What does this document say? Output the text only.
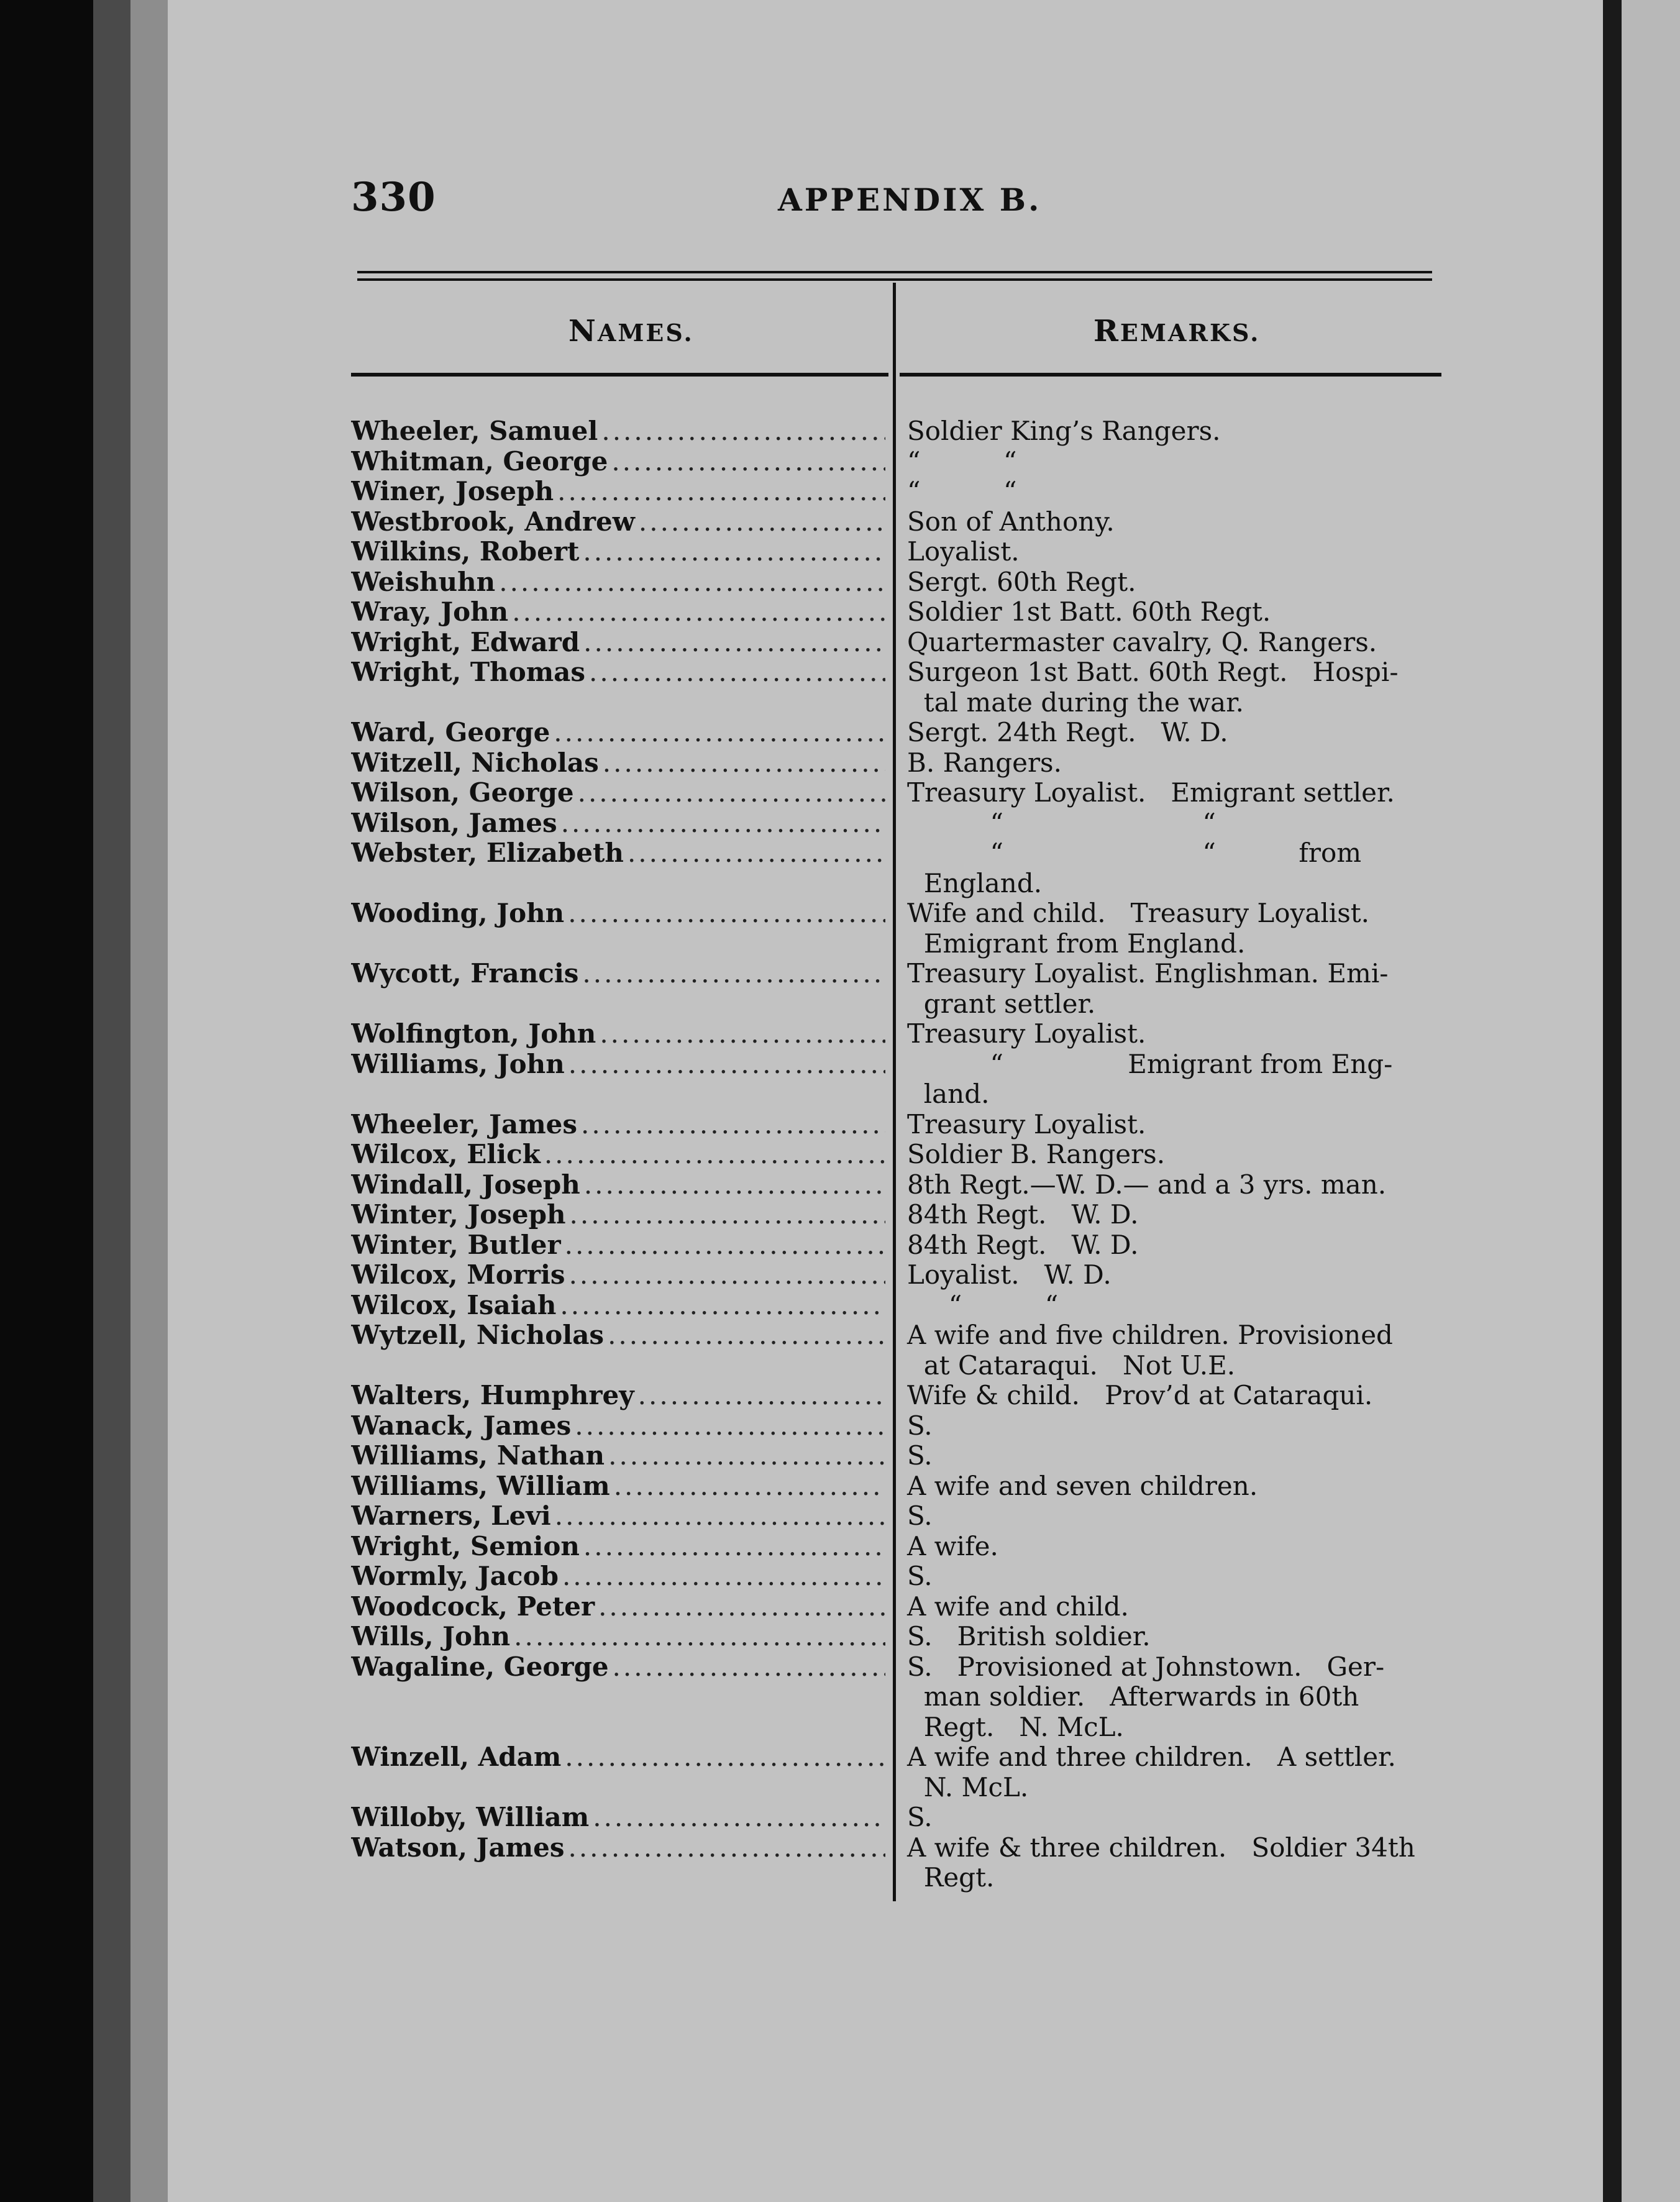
330	APPENDIX B.
NAMES.	REMARKS.
Wheeler, Samuel .....	Soldier King’s Rangers.
Whitman, George .....	“          “
Winer, Joseph .....	“          “
Westbrook, Andrew .....	Son of Anthony.
Wilkins, Robert .....	Loyalist.
Weishuhn .....	Sergt. 60th Regt.
Wray, John .....	Soldier 1st Batt. 60th Regt.
Wright, Edward .....	Quartermaster cavalry, Q. Rangers.
Wright, Thomas .....	Surgeon 1st Batt. 60th Regt.   Hospi-
tal mate during the war.
Ward, George .....	Sergt. 24th Regt.   W. D.
Witzell, Nicholas .....	B. Rangers.
Wilson, George .....	Treasury Loyalist.   Emigrant settler.
Wilson, James .....	“                        “
Webster, Elizabeth .....	“                        “          from
England.
Wooding, John .....	Wife and child.   Treasury Loyalist.
Emigrant from England.
Wycott, Francis .....	Treasury Loyalist. Englishman. Emi-
grant settler.
Wolfington, John .....	Treasury Loyalist.
Williams, John .....	“               Emigrant from Eng-
land.
Wheeler, James .....	Treasury Loyalist.
Wilcox, Elick .....	Soldier B. Rangers.
Windall, Joseph .....	8th Regt.—W. D.— and a 3 yrs. man.
Winter, Joseph .....	84th Regt.   W. D.
Winter, Butler .....	84th Regt.   W. D.
Wilcox, Morris .....	Loyalist.   W. D.
Wilcox, Isaiah .....	“          “
Wytzell, Nicholas .....	A wife and five children. Provisioned
at Cataraqui.   Not U.E.
Walters, Humphrey .....	Wife & child.   Prov’d at Cataraqui.
Wanack, James .....	S.
Williams, Nathan .....	S.
Williams, William .....	A wife and seven children.
Warners, Levi .....	S.
Wright, Semion .....	A wife.
Wormly, Jacob .....	S.
Woodcock, Peter .....	A wife and child.
Wills, John .....	S.   British soldier.
Wagaline, George .....	S.   Provisioned at Johnstown.   Ger-
man soldier.   Afterwards in 60th
Regt.   N. McL.
Winzell, Adam .....	A wife and three children.   A settler.
N. McL.
Willoby, William .....	S.
Watson, James .....	A wife & three children.   Soldier 34th
Regt.
